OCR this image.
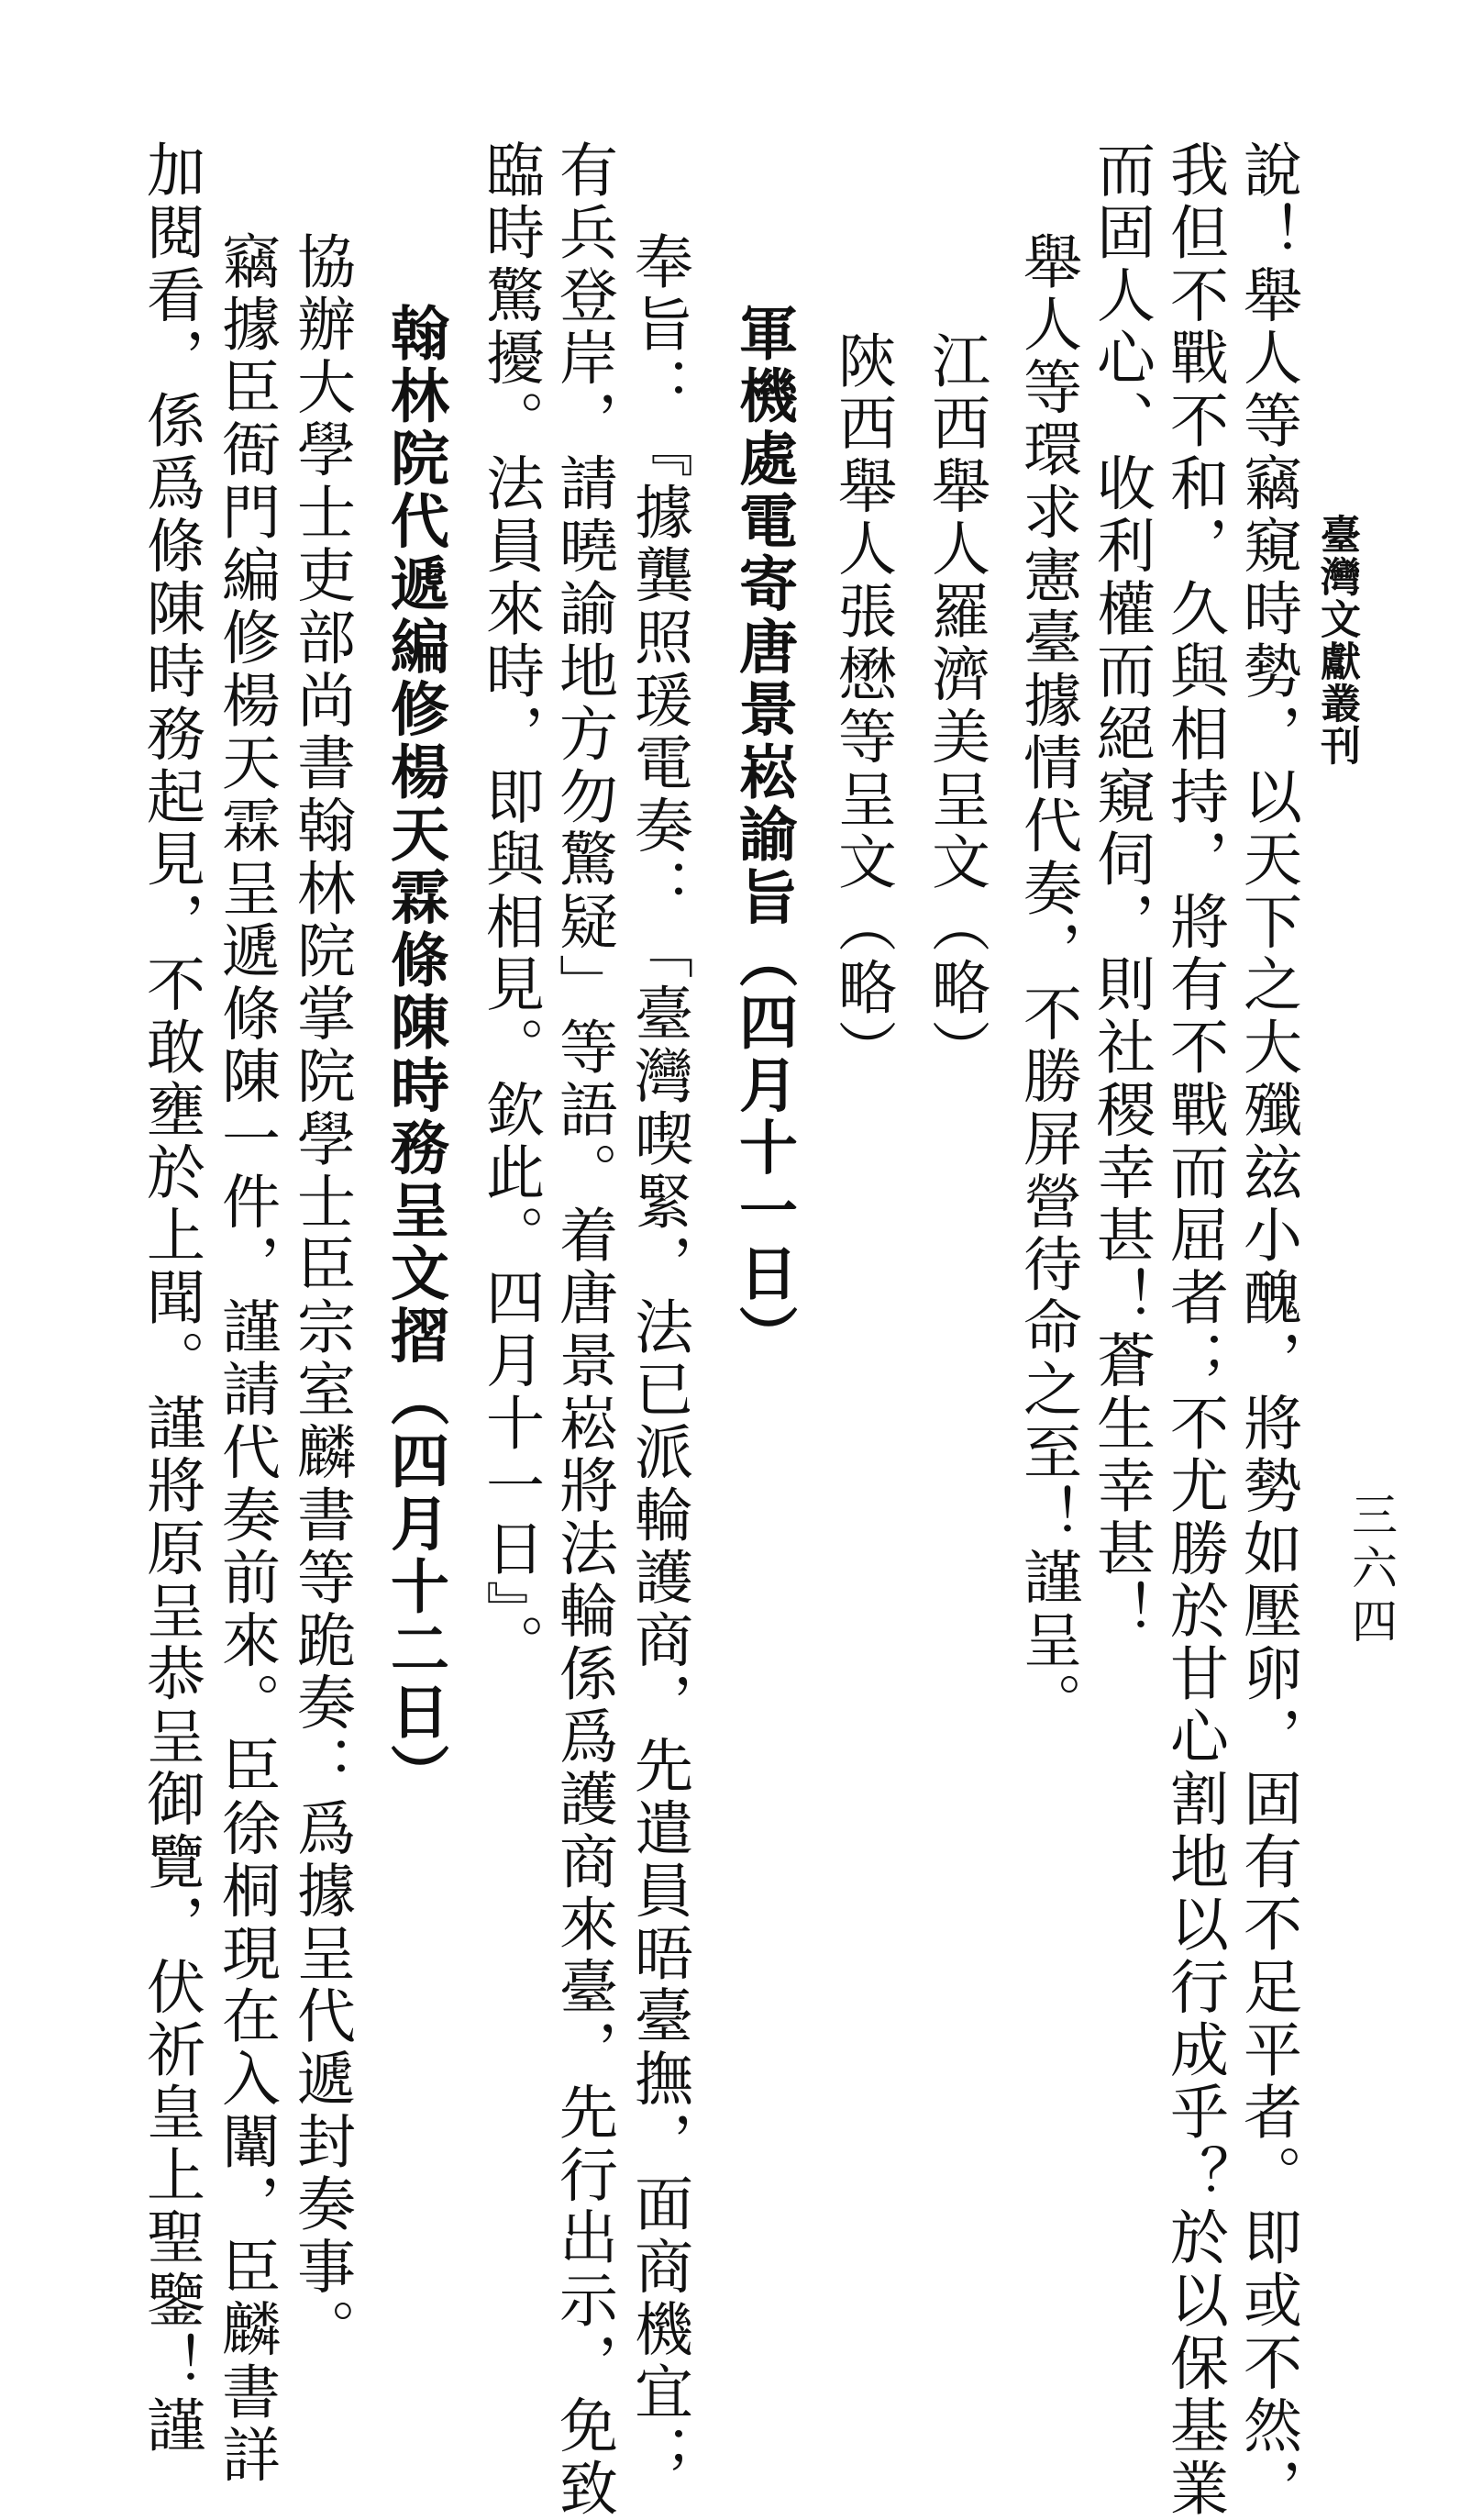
臺灣文獻叢刊
三六四
說！舉人等竊窺時勢，以天下之大殲玆小醜，將勢如壓卵，固有不足平者。即或不然，
我但不戰不和，久與相持，將有不戰而屈者；不尤勝於甘心割地以行成乎？於以保基業
而固人心、收利權而絕窺伺，則社稷幸甚！蒼生幸甚！
舉人等環求憲臺據情代奏，不勝屏營待命之至！謹呈。
江西舉人羅濟美呈文（略）
陝西舉人張懋等呈文（略）
軍機處電寄唐景崧諭旨（四月十一日）
奉旨：『據龔照瑗電奏：「臺灣喫緊，法已派輪護商，先遣員晤臺撫，面商機宜；
有兵登岸，請曉諭地方勿驚疑」等語。着唐景崧將法輪係爲護商來臺，先行出示，免致
臨時驚擾。法員來時，即與相見。欽此。四月十一日』。
翰林院代遞編修楊天霖條陳時務呈文摺（四月十二日）
協辦大學士吏部尚書翰林院掌院學士臣宗室麟書等跪奏：爲據呈代遞封奏事。
竊據臣衙門編修楊天霖呈遞條陳一件，謹請代奏前來。臣徐桐現在入闈，臣麟書詳
加閱看，係爲條陳時務起見，不敢壅於上聞。謹將原呈恭呈御覽，伏祈皇上聖鑒！謹
